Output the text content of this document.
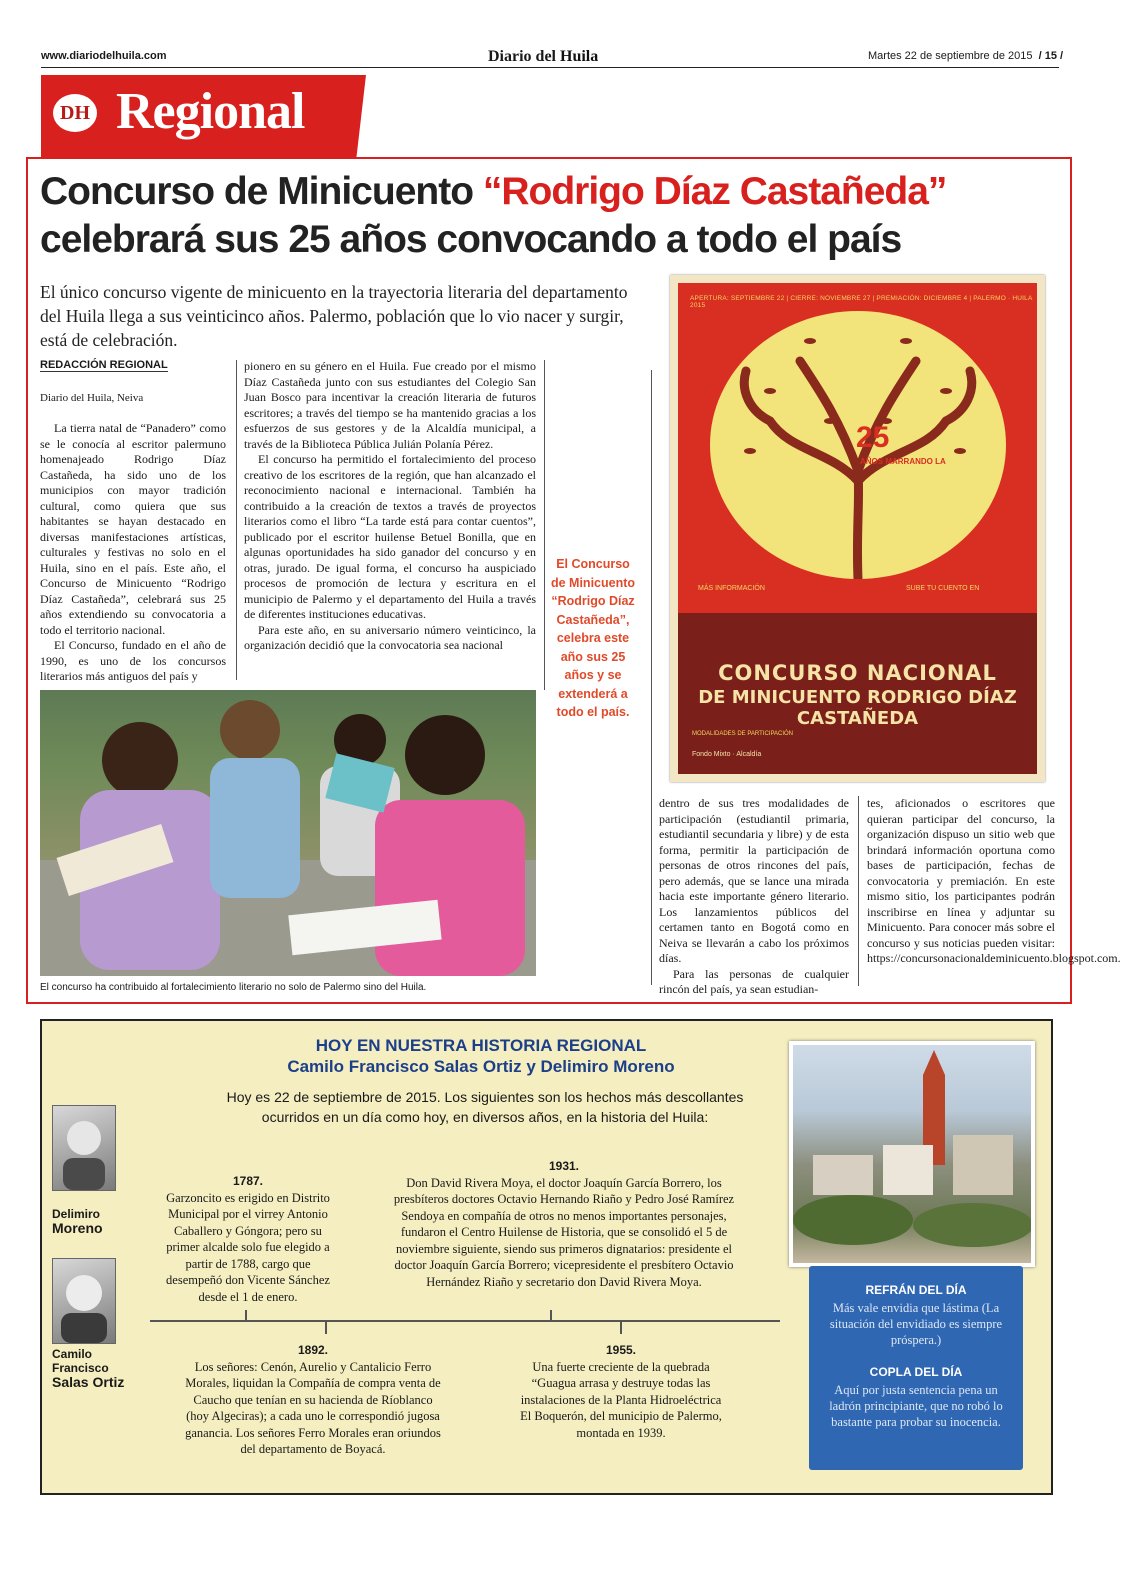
www.diariodelhuila.com	Diario del Huila	Martes 22 de septiembre de 2015 / 15 /
DH Regional
Concurso de Minicuento “Rodrigo Díaz Castañeda”
celebrará sus 25 años convocando a todo el país
El único concurso vigente de minicuento en la trayectoria literaria del departamento del Huila llega a sus veinticinco años. Palermo, población que lo vio nacer y surgir, está de celebración.
REDACCIÓN REGIONAL
Diario del Huila, Neiva

La tierra natal de “Panadero” como se le conocía al escritor palermuno homenajeado Rodrigo Díaz Castañeda, ha sido uno de los municipios con mayor tradición cultural, como quiera que sus habitantes se hayan destacado en diversas manifestaciones artísticas, culturales y festivas no solo en el Huila, sino en el país. Este año, el Concurso de Minicuento “Rodrigo Díaz Castañeda”, celebrará sus 25 años extendiendo su convocatoria a todo el territorio nacional.

El Concurso, fundado en el año de 1990, es uno de los concursos literarios más antiguos del país y

pionero en su género en el Huila. Fue creado por el mismo Díaz Castañeda junto con sus estudiantes del Colegio San Juan Bosco para incentivar la creación literaria de futuros escritores; a través del tiempo se ha mantenido gracias a los esfuerzos de sus gestores y de la Alcaldía municipal, a través de la Biblioteca Pública Julián Polanía Pérez.

El concurso ha permitido el fortalecimiento del proceso creativo de los escritores de la región, que han alcanzado el reconocimiento nacional e internacional. También ha contribuido a la creación de textos a través de proyectos literarios como el libro “La tarde está para contar cuentos”, publicado por el escritor huilense Betuel Bonilla, que en algunas oportunidades ha sido ganador del concurso y en otras, jurado. De igual forma, el concurso ha auspiciado procesos de promoción de lectura y escritura en el municipio de Palermo y el departamento del Huila a través de diferentes instituciones educativas.

Para este año, en su aniversario número veinticinco, la organización decidió que la convocatoria sea nacional

El Concurso de Minicuento “Rodrigo Díaz Castañeda”, celebra este año sus 25 años y se extenderá a todo el país.
APERTURA: SEPTIEMBRE 22 | CIERRE: NOVIEMBRE 27 | PREMIACIÓN: DICIEMBRE 4 | PALERMO · HUILA 2015
25
AÑOS MARRANDO LA
MÁS INFORMACIÓN	SUBE TU CUENTO EN
CONCURSO NACIONAL
DE MINICUENTO RODRIGO DÍAZ CASTAÑEDA
MODALIDADES DE PARTICIPACIÓN
Fondo Mixto · Alcaldía
El concurso ha contribuido al fortalecimiento literario no solo de Palermo sino del Huila.

dentro de sus tres modalidades de participación (estudiantil primaria, estudiantil secundaria y libre) y de esta forma, permitir la participación de personas de otros rincones del país, pero además, que se lance una mirada hacia este importante género literario. Los lanzamientos públicos del certamen tanto en Bogotá como en Neiva se llevarán a cabo los próximos días.

Para las personas de cualquier rincón del país, ya sean estudian-

tes, aficionados o escritores que quieran participar del concurso, la organización dispuso un sitio web que brindará información oportuna como bases de participación, fechas de convocatoria y premiación. En este mismo sitio, los participantes podrán inscribirse en línea y adjuntar su Minicuento. Para conocer más sobre el concurso y sus noticias pueden visitar: https://concursonacionaldeminicuento.blogspot.com.

HOY EN NUESTRA HISTORIA REGIONAL
Camilo Francisco Salas Ortiz y Delimiro Moreno
Hoy es 22 de septiembre de 2015. Los siguientes son los hechos más descollantes ocurridos en un día como hoy, en diversos años, en la historia del Huila:
Delimiro
Moreno
Camilo
Francisco
Salas Ortiz
1787.
Garzoncito es erigido en Distrito Municipal por el virrey Antonio Caballero y Góngora; pero su primer alcalde solo fue elegido a partir de 1788, cargo que desempeñó don Vicente Sánchez desde el 1 de enero.
1931.
Don David Rivera Moya, el doctor Joaquín García Borrero, los presbíteros doctores Octavio Hernando Riaño y Pedro José Ramírez Sendoya en compañía de otros no menos importantes personajes, fundaron el Centro Huilense de Historia, que se consolidó el 5 de noviembre siguiente, siendo sus primeros dignatarios: presidente el doctor Joaquín García Borrero; vicepresidente el presbítero Octavio Hernández Riaño y secretario don David Rivera Moya.
1892.
Los señores: Cenón, Aurelio y Cantalicio Ferro Morales, liquidan la Compañía de compra venta de Caucho que tenían en su hacienda de Ríoblanco (hoy Algeciras); a cada uno le correspondió jugosa ganancia. Los señores Ferro Morales eran oriundos del departamento de Boyacá.
1955.
Una fuerte creciente de la quebrada “Guagua arrasa y destruye todas las instalaciones de la Planta Hidroeléctrica El Boquerón, del municipio de Palermo, montada en 1939.
REFRÁN DEL DÍA
Más vale envidia que lástima (La situación del envidiado es siempre próspera.)
COPLA DEL DÍA
Aquí por justa sentencia pena un ladrón principiante, que no robó lo bastante para probar su inocencia.
